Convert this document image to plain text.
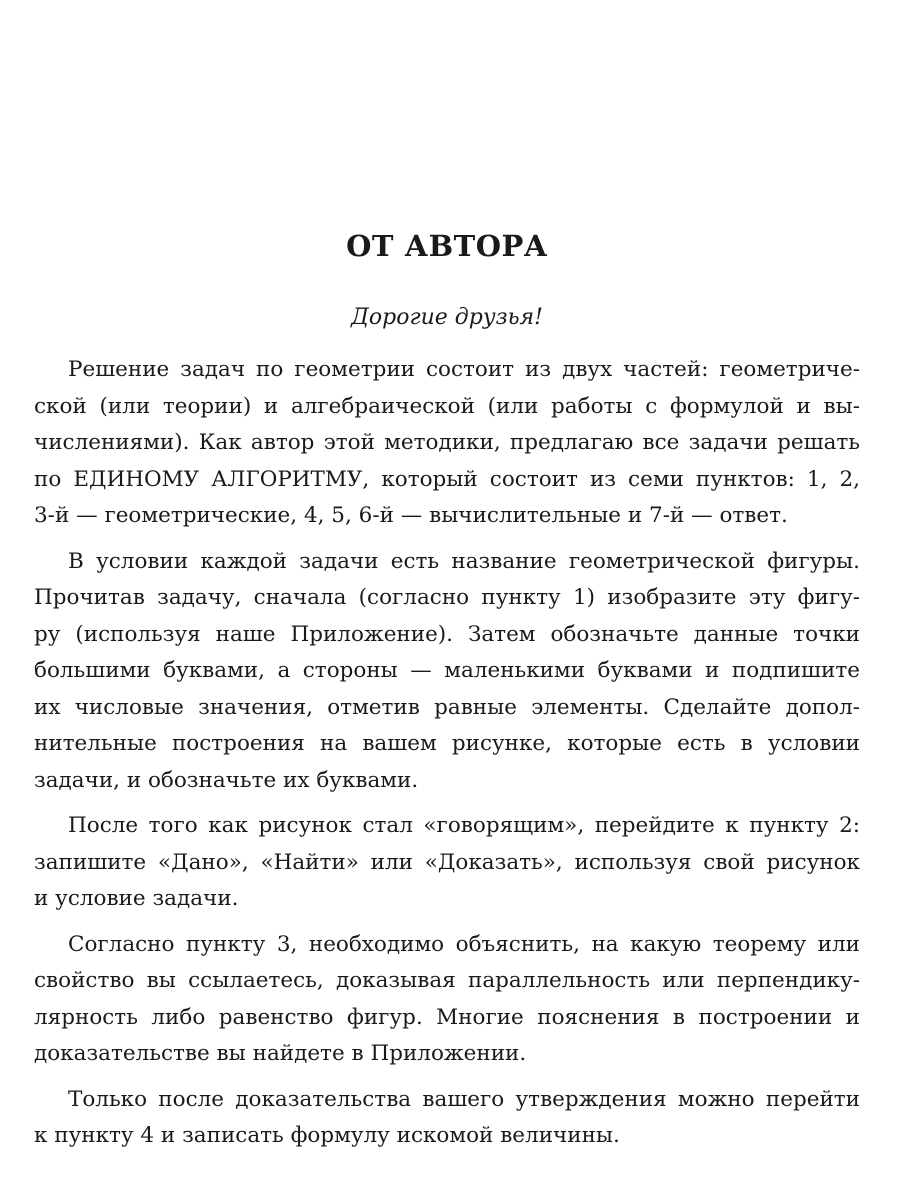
ОТ АВТОРА

Дорогие друзья!

Решение задач по геометрии состоит из двух частей: геометриче-
ской (или теории) и алгебраической (или работы с формулой и вы-
числениями). Как автор этой методики, предлагаю все задачи решать
по ЕДИНОМУ АЛГОРИТМУ, который состоит из семи пунктов: 1, 2,
3-й — геометрические, 4, 5, 6-й — вычислительные и 7-й — ответ.
В условии каждой задачи есть название геометрической фигуры.
Прочитав задачу, сначала (согласно пункту 1) изобразите эту фигу-
ру (используя наше Приложение). Затем обозначьте данные точки
большими буквами, а стороны — маленькими буквами и подпишите
их числовые значения, отметив равные элементы. Сделайте допол-
нительные построения на вашем рисунке, которые есть в условии
задачи, и обозначьте их буквами.
После того как рисунок стал «говорящим», перейдите к пункту 2:
запишите «Дано», «Найти» или «Доказать», используя свой рисунок
и условие задачи.
Согласно пункту 3, необходимо объяснить, на какую теорему или
свойство вы ссылаетесь, доказывая параллельность или перпендику-
лярность либо равенство фигур. Многие пояснения в построении и
доказательстве вы найдете в Приложении.
Только после доказательства вашего утверждения можно перейти
к пункту 4 и записать формулу искомой величины.
